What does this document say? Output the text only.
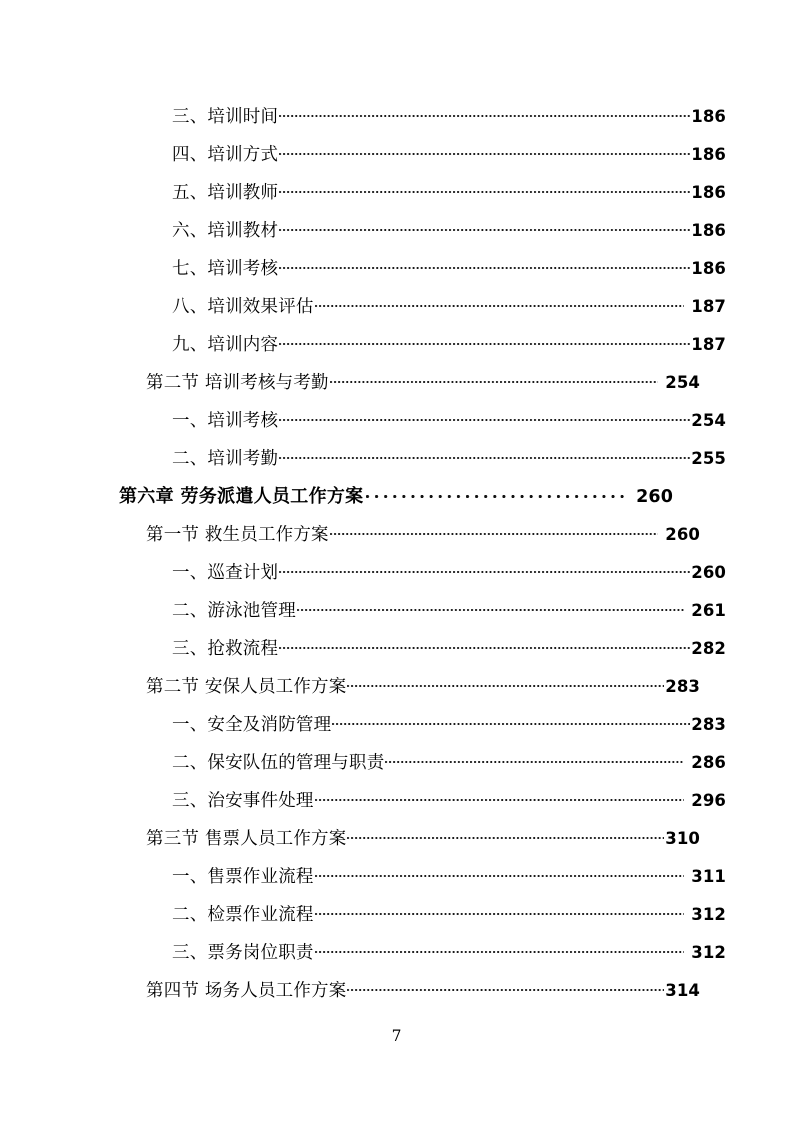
三、培训时间	186
四、培训方式	186
五、培训教师	186
六、培训教材	186
七、培训考核	186
八、培训效果评估	187
九、培训内容	187
第二节 培训考核与考勤	254
一、培训考核	254
二、培训考勤	255
第六章 劳务派遣人员工作方案	260
第一节 救生员工作方案	260
一、巡查计划	260
二、游泳池管理	261
三、抢救流程	282
第二节 安保人员工作方案	283
一、安全及消防管理	283
二、保安队伍的管理与职责	286
三、治安事件处理	296
第三节 售票人员工作方案	310
一、售票作业流程	311
二、检票作业流程	312
三、票务岗位职责	312
第四节 场务人员工作方案	314
7
